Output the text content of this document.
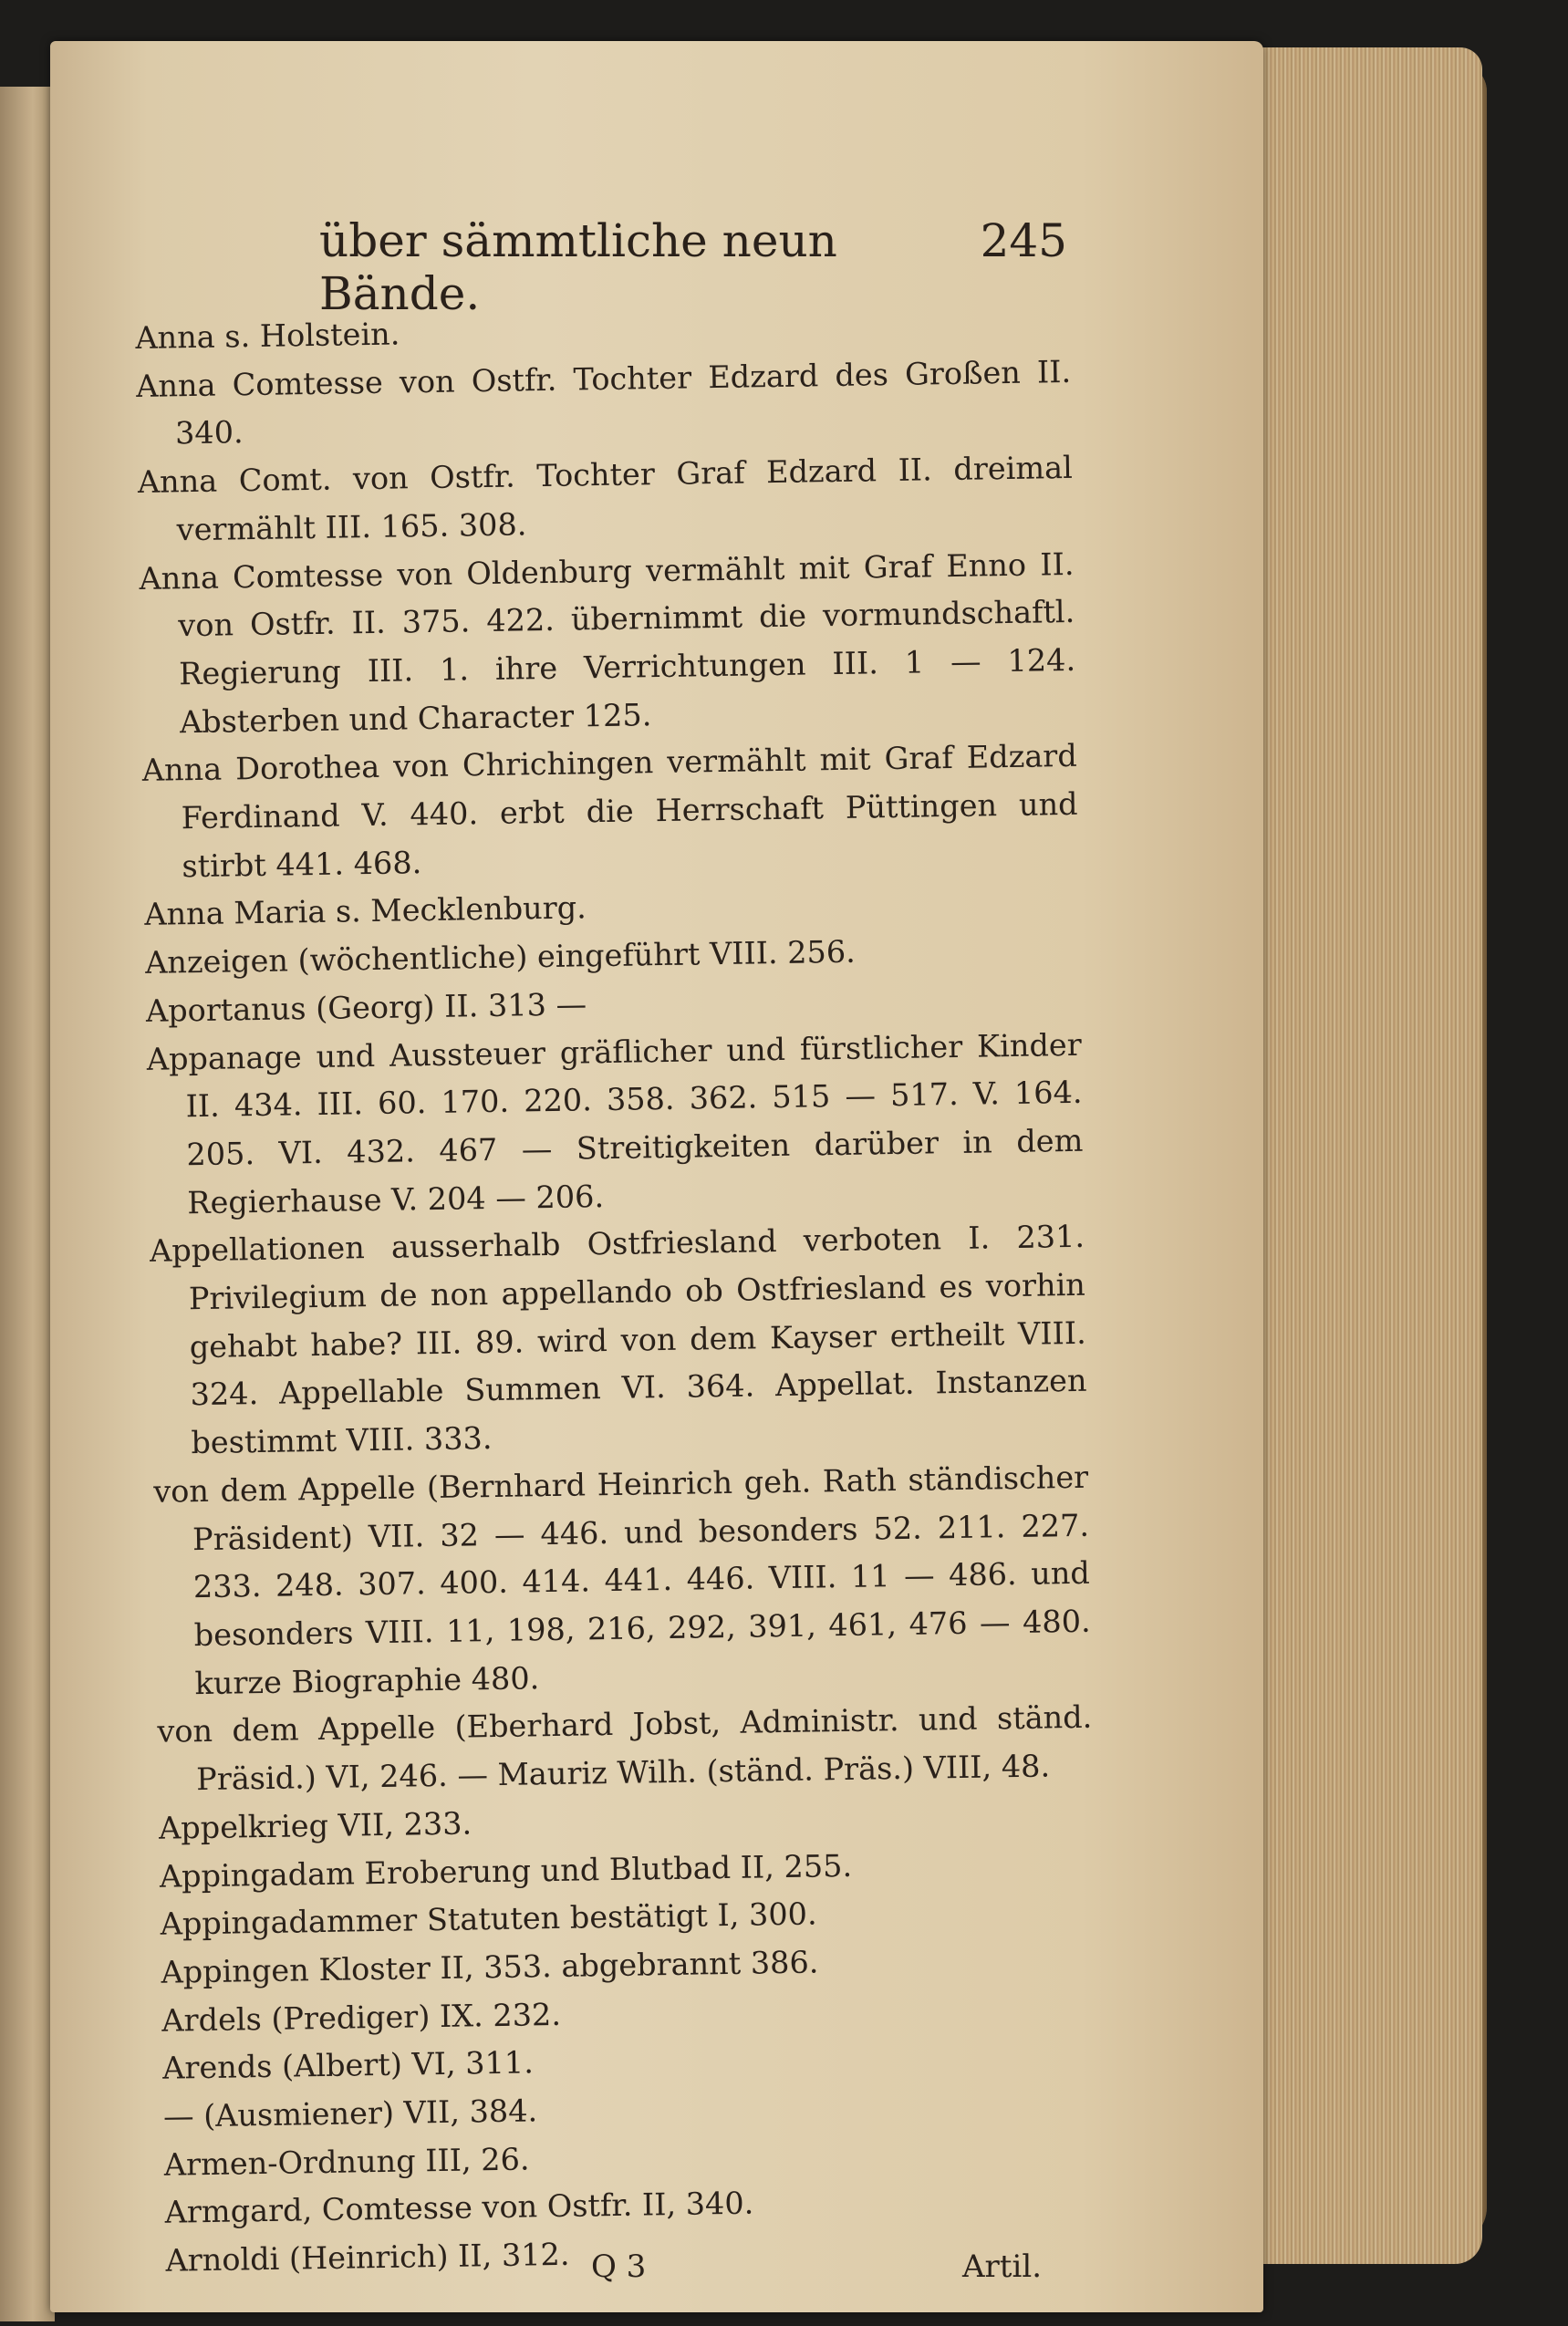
über sämmtliche neun Bände.
245
Anna s. Holstein.
Anna Comtesse von Ostfr. Tochter Edzard des Großen II. 340.
Anna Comt. von Ostfr. Tochter Graf Edzard II. dreimal vermählt III. 165. 308.
Anna Comtesse von Oldenburg vermählt mit Graf Enno II. von Ostfr. II. 375. 422. übernimmt die vormundschaftl. Regierung III. 1. ihre Verrichtungen III. 1 — 124. Absterben und Character 125.
Anna Dorothea von Chrichingen vermählt mit Graf Edzard Ferdinand V. 440. erbt die Herrschaft Püttingen und stirbt 441. 468.
Anna Maria s. Mecklenburg.
Anzeigen (wöchentliche) eingeführt VIII. 256.
Aportanus (Georg) II. 313 —
Appanage und Aussteuer gräflicher und fürstlicher Kinder II. 434. III. 60. 170. 220. 358. 362. 515 — 517. V. 164. 205. VI. 432. 467 — Streitigkeiten darüber in dem Regierhause V. 204 — 206.
Appellationen ausserhalb Ostfriesland verboten I. 231. Privilegium de non appellando ob Ostfriesland es vorhin gehabt habe? III. 89. wird von dem Kayser ertheilt VIII. 324. Appellable Summen VI. 364. Appellat. Instanzen bestimmt VIII. 333.
von dem Appelle (Bernhard Heinrich geh. Rath ständischer Präsident) VII. 32 — 446. und besonders 52. 211. 227. 233. 248. 307. 400. 414. 441. 446. VIII. 11 — 486. und besonders VIII. 11, 198, 216, 292, 391, 461, 476 — 480. kurze Biographie 480.
von dem Appelle (Eberhard Jobst, Administr. und ständ. Präsid.) VI, 246. — Mauriz Wilh. (ständ. Präs.) VIII, 48.
Appelkrieg VII, 233.
Appingadam Eroberung und Blutbad II, 255.
Appingadammer Statuten bestätigt I, 300.
Appingen Kloster II, 353. abgebrannt 386.
Ardels (Prediger) IX. 232.
Arends (Albert) VI, 311.
— (Ausmiener) VII, 384.
Armen-Ordnung III, 26.
Armgard, Comtesse von Ostfr. II, 340.
Arnoldi (Heinrich) II, 312. Q 3	Artil.
